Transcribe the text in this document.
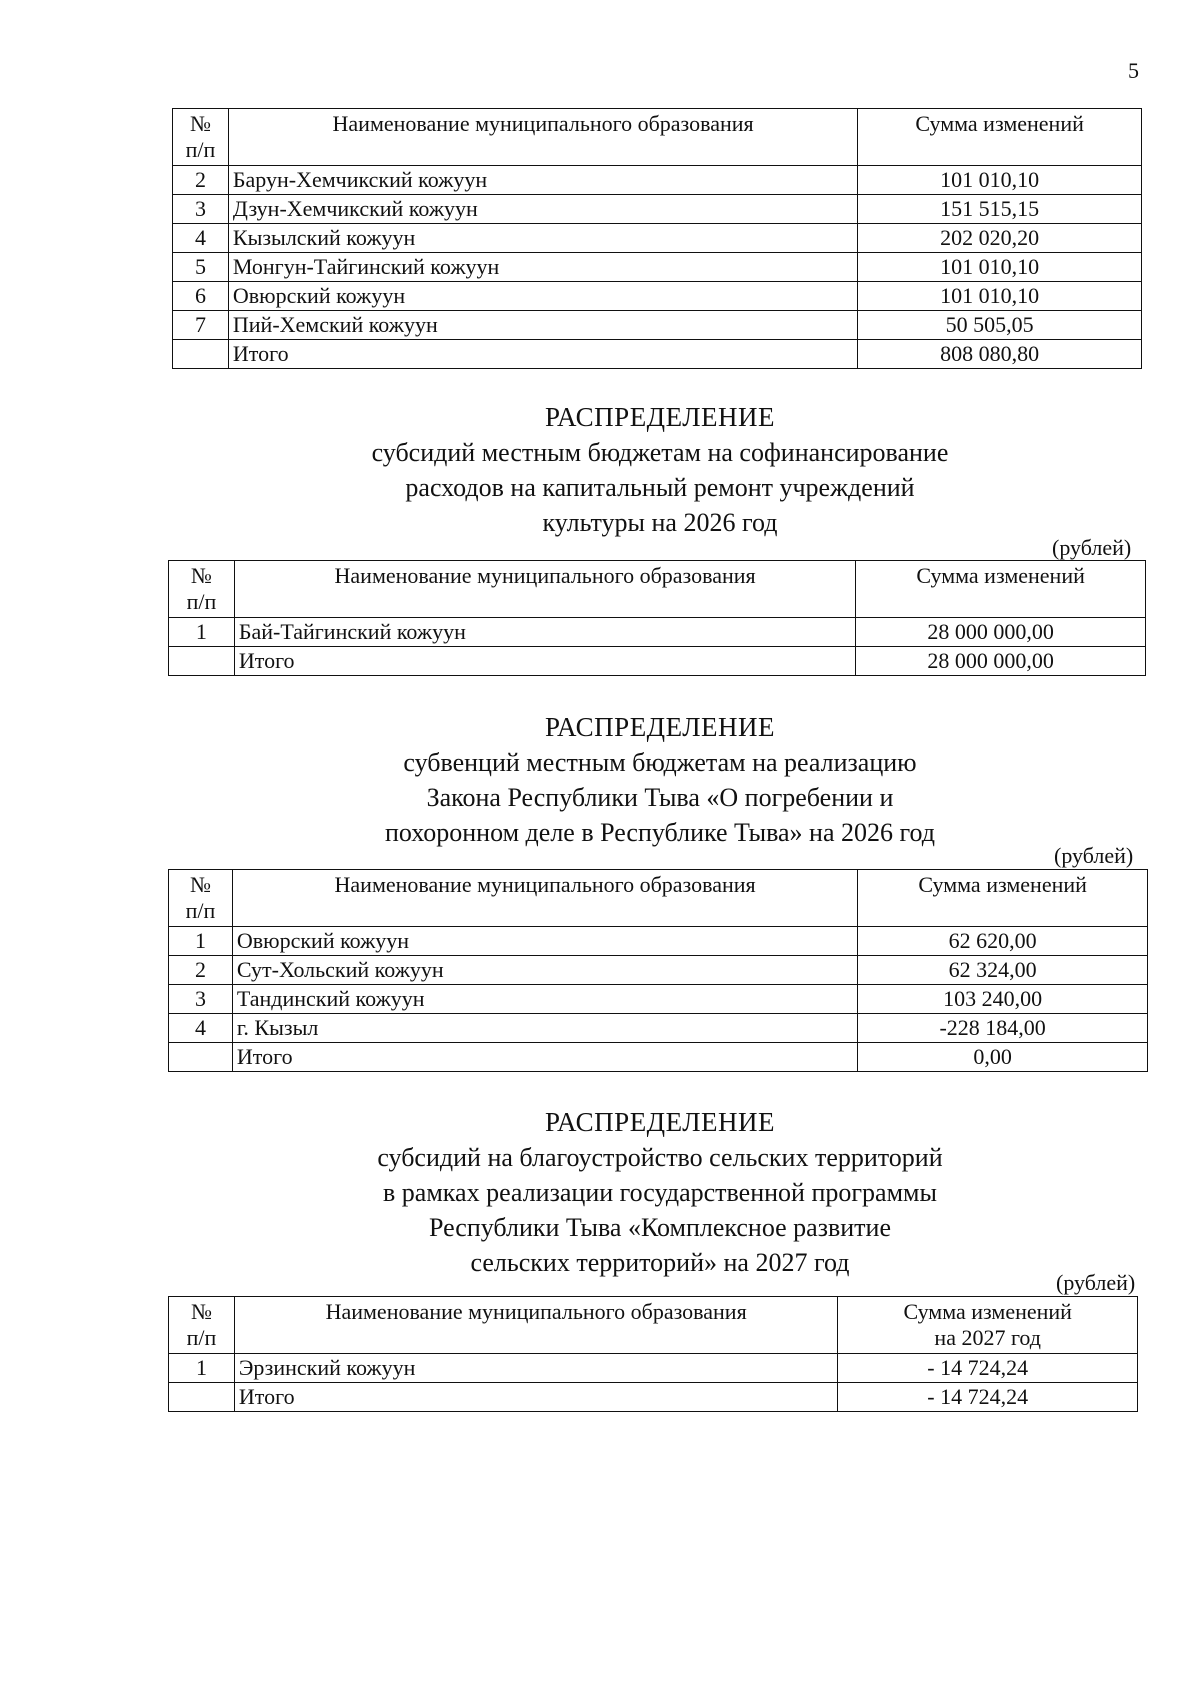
5
№
п/п	Наименование муниципального образования	Сумма изменений
2	Барун-Хемчикский кожуун	101 010,10
3	Дзун-Хемчикский кожуун	151 515,15
4	Кызылский кожуун	202 020,20
5	Монгун-Тайгинский кожуун	101 010,10
6	Овюрский кожуун	101 010,10
7	Пий-Хемский кожуун	50 505,05
	Итого	808 080,80
РАСПРЕДЕЛЕНИЕ
субсидий местным бюджетам на софинансирование
расходов на капитальный ремонт учреждений
культуры на 2026 год
(рублей)
№
п/п	Наименование муниципального образования	Сумма изменений
1	Бай-Тайгинский кожуун	28 000 000,00
	Итого	28 000 000,00
РАСПРЕДЕЛЕНИЕ
субвенций местным бюджетам на реализацию
Закона Республики Тыва «О погребении и
похоронном деле в Республике Тыва» на 2026 год
(рублей)
№
п/п	Наименование муниципального образования	Сумма изменений
1	Овюрский кожуун	62 620,00
2	Сут-Хольский кожуун	62 324,00
3	Тандинский кожуун	103 240,00
4	г. Кызыл	-228 184,00
	Итого	0,00
РАСПРЕДЕЛЕНИЕ
субсидий на благоустройство сельских территорий
в рамках реализации государственной программы
Республики Тыва «Комплексное развитие
сельских территорий» на 2027 год
(рублей)
№
п/п	Наименование муниципального образования	Сумма изменений
на 2027 год
1	Эрзинский кожуун	- 14 724,24
	Итого	- 14 724,24
